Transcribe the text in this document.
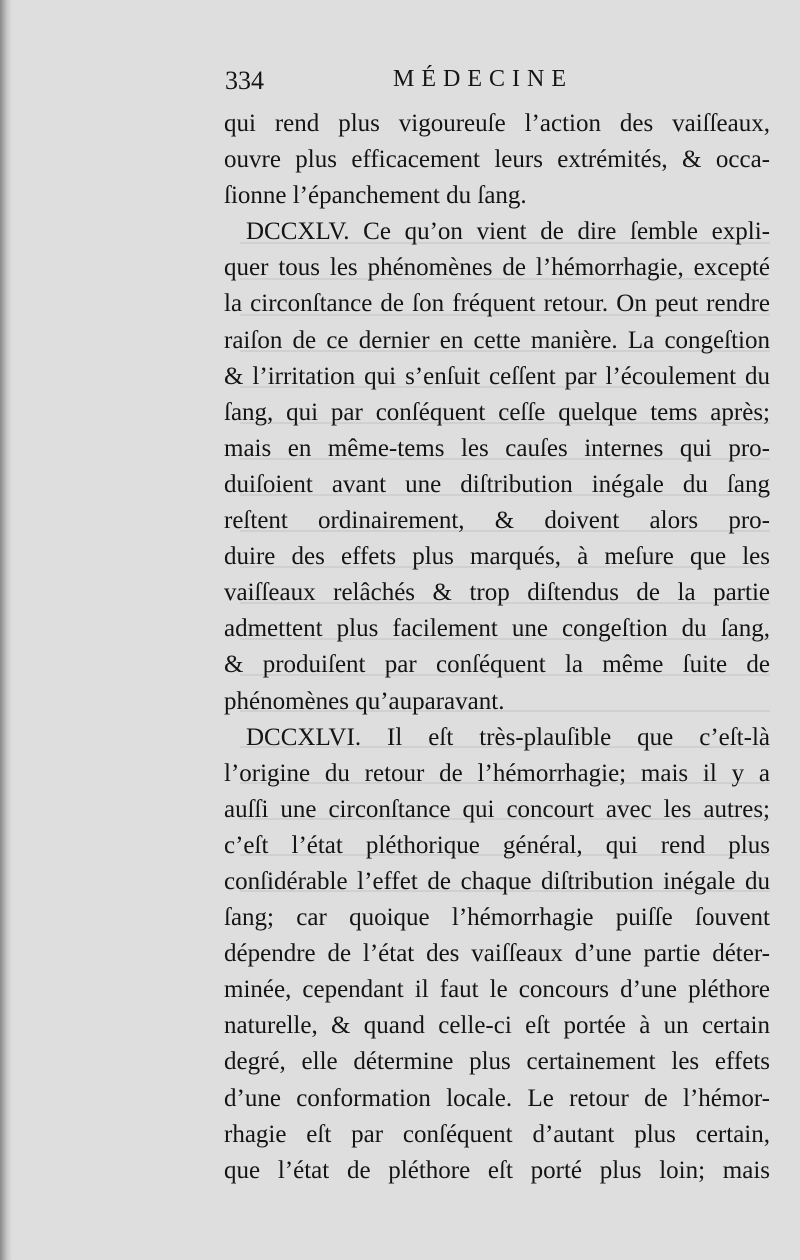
334	MÉDECINE
qui rend plus vigoureuſe l’action des vaiſſeaux,
ouvre plus efficacement leurs extrémités, & occa-
ſionne l’épanchement du ſang.
DCCXLV. Ce qu’on vient de dire ſemble expli-
quer tous les phénomènes de l’hémorrhagie, excepté
la circonſtance de ſon fréquent retour. On peut rendre
raiſon de ce dernier en cette manière. La congeſtion
& l’irritation qui s’enſuit ceſſent par l’écoulement du
ſang, qui par conſéquent ceſſe quelque tems après;
mais en même-tems les cauſes internes qui pro-
duiſoient avant une diſtribution inégale du ſang
reſtent ordinairement, & doivent alors pro-
duire des effets plus marqués, à meſure que les
vaiſſeaux relâchés & trop diſtendus de la partie
admettent plus facilement une congeſtion du ſang,
& produiſent par conſéquent la même ſuite de
phénomènes qu’auparavant.
DCCXLVI. Il eſt très-plauſible que c’eſt-là
l’origine du retour de l’hémorrhagie; mais il y a
auſſi une circonſtance qui concourt avec les autres;
c’eſt l’état pléthorique général, qui rend plus
conſidérable l’effet de chaque diſtribution inégale du
ſang; car quoique l’hémorrhagie puiſſe ſouvent
dépendre de l’état des vaiſſeaux d’une partie déter-
minée, cependant il faut le concours d’une pléthore
naturelle, & quand celle-ci eſt portée à un certain
degré, elle détermine plus certainement les effets
d’une conformation locale. Le retour de l’hémor-
rhagie eſt par conſéquent d’autant plus certain,
que l’état de pléthore eſt porté plus loin; mais
